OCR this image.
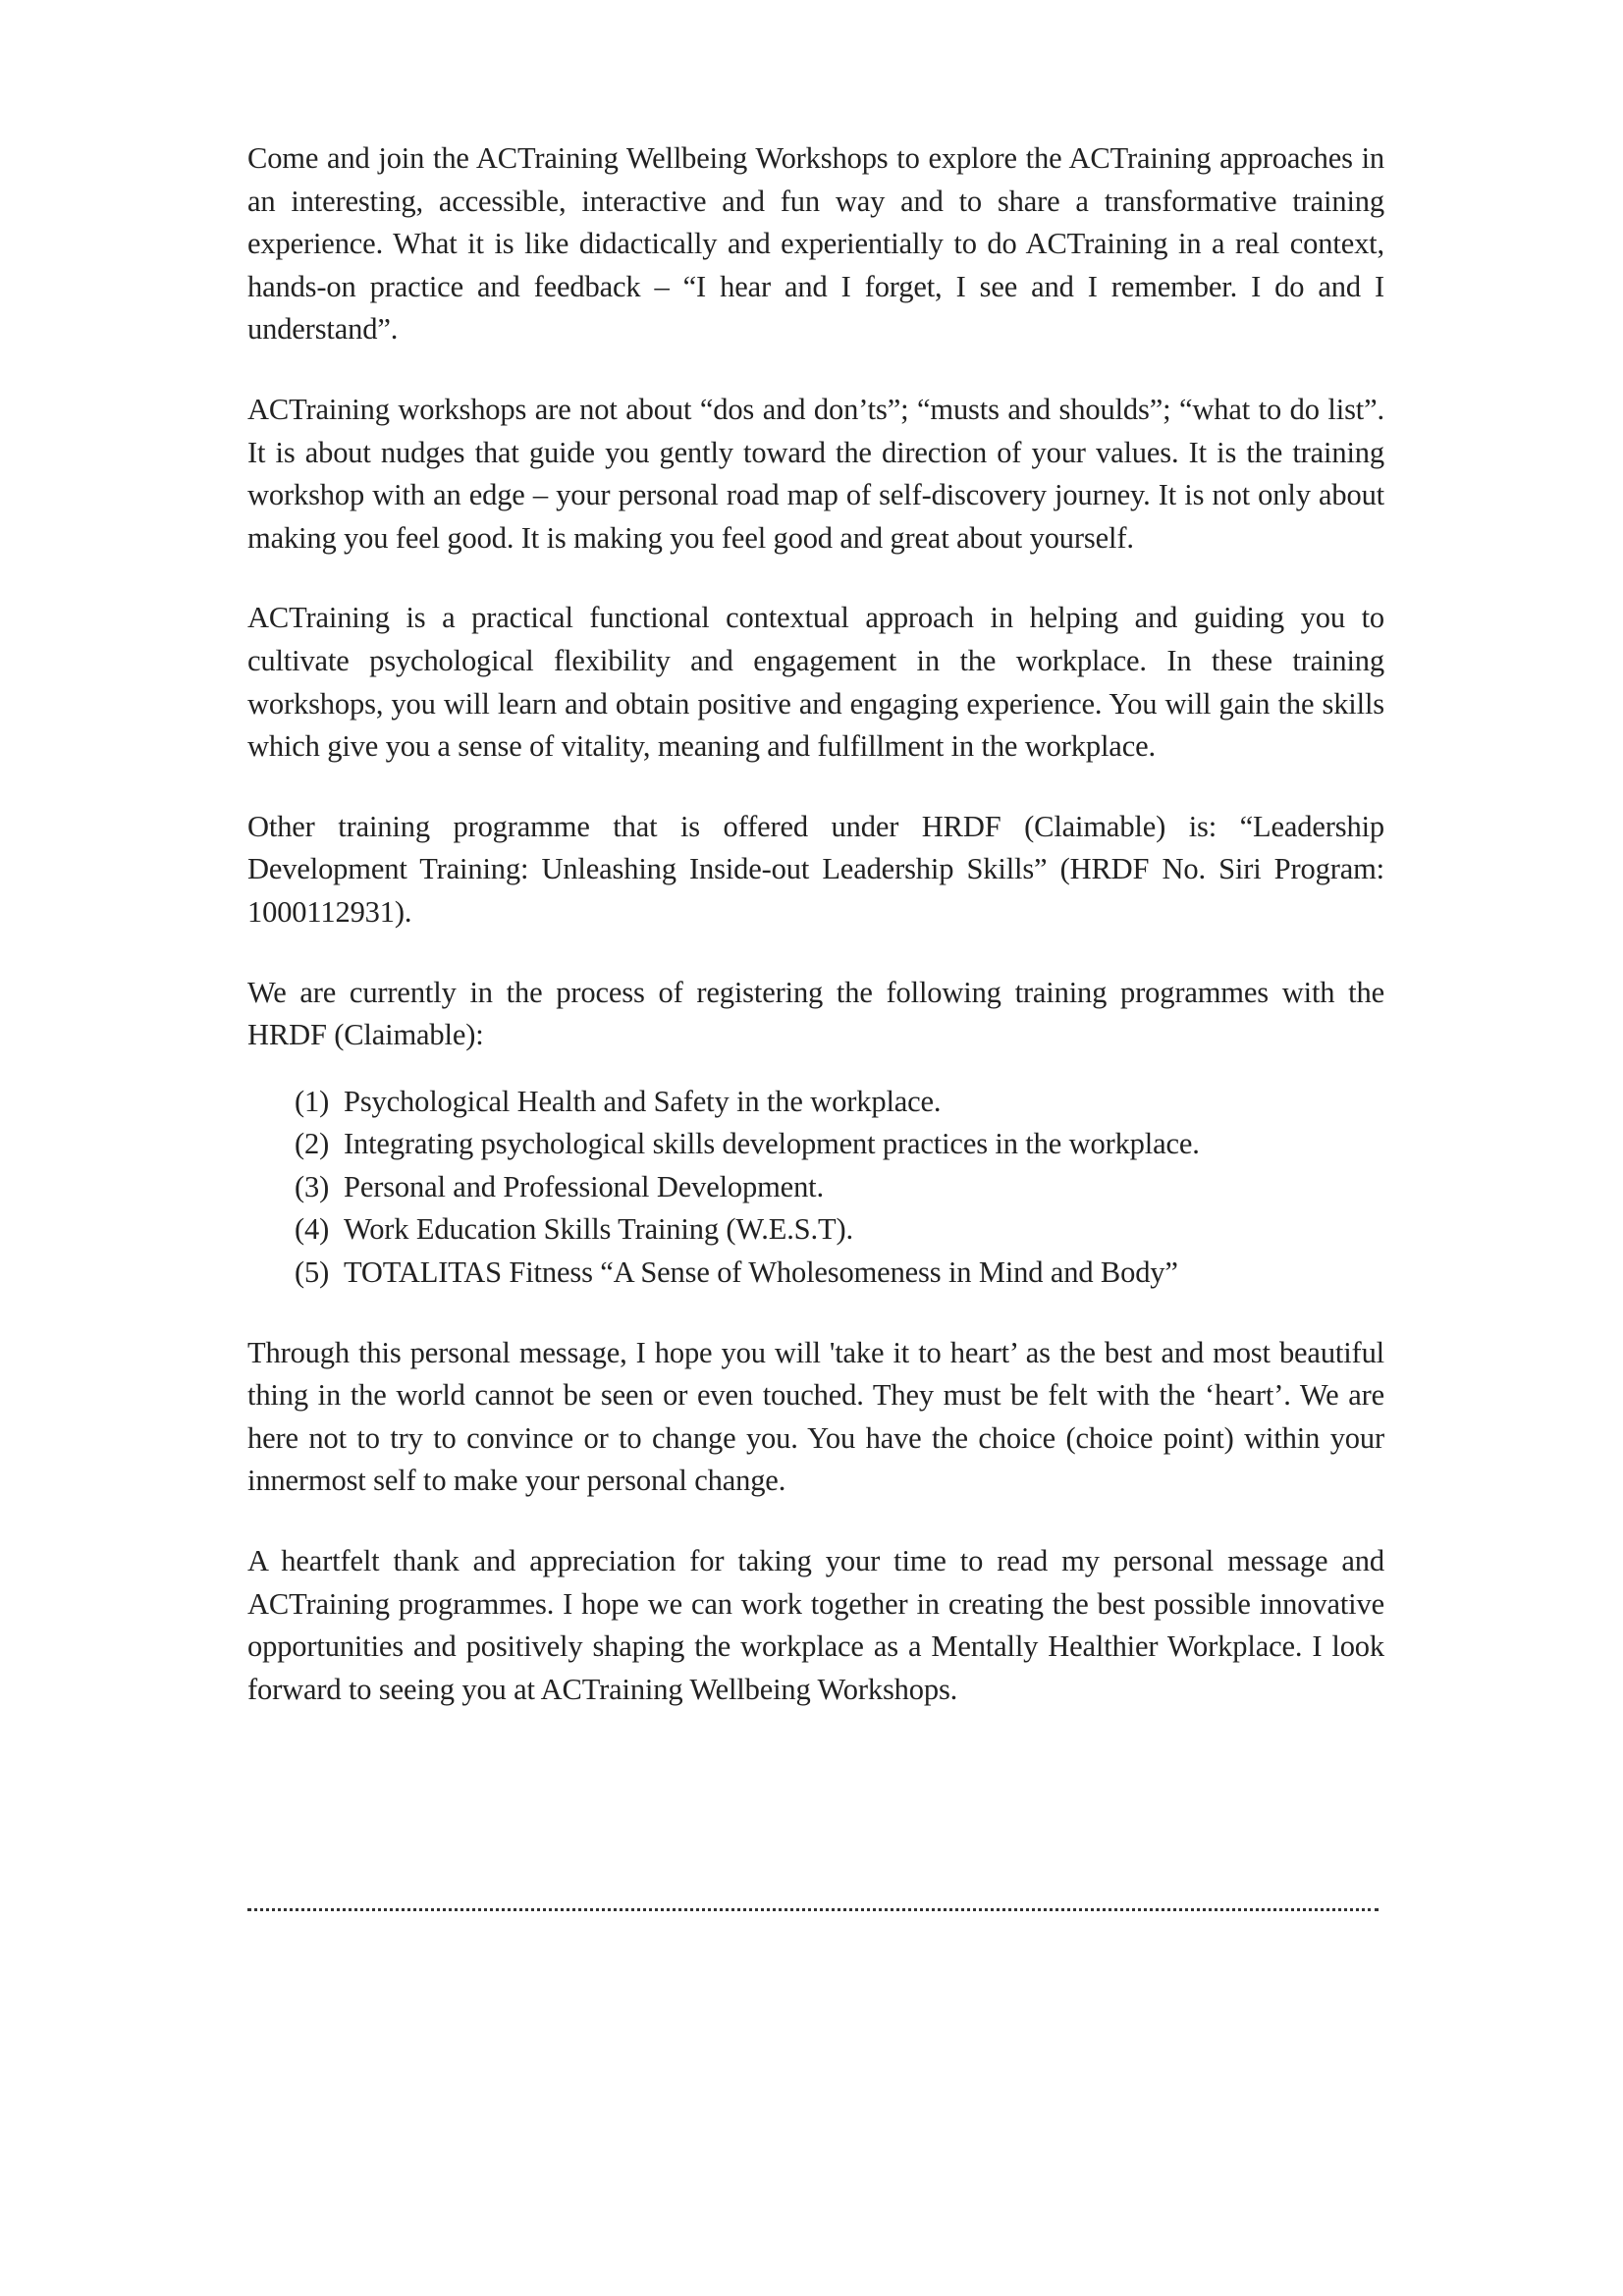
Come and join the ACTraining Wellbeing Workshops to explore the ACTraining approaches in an interesting, accessible, interactive and fun way and to share a transformative training experience. What it is like didactically and experientially to do ACTraining in a real context, hands-on practice and feedback – “I hear and I forget, I see and I remember. I do and I understand”.

ACTraining workshops are not about “dos and don’ts”; “musts and shoulds”; “what to do list”. It is about nudges that guide you gently toward the direction of your values. It is the training workshop with an edge – your personal road map of self-discovery journey. It is not only about making you feel good. It is making you feel good and great about yourself.

ACTraining is a practical functional contextual approach in helping and guiding you to cultivate psychological flexibility and engagement in the workplace. In these training workshops, you will learn and obtain positive and engaging experience. You will gain the skills which give you a sense of vitality, meaning and fulfillment in the workplace.

Other training programme that is offered under HRDF (Claimable) is: “Leadership Development Training: Unleashing Inside-out Leadership Skills” (HRDF No. Siri Program: 1000112931).

We are currently in the process of registering the following training programmes with the HRDF (Claimable):

(1) Psychological Health and Safety in the workplace.
(2) Integrating psychological skills development practices in the workplace.
(3) Personal and Professional Development.
(4) Work Education Skills Training (W.E.S.T).
(5) TOTALITAS Fitness “A Sense of Wholesomeness in Mind and Body”

Through this personal message, I hope you will 'take it to heart’ as the best and most beautiful thing in the world cannot be seen or even touched. They must be felt with the ‘heart’. We are here not to try to convince or to change you. You have the choice (choice point) within your innermost self to make your personal change.

A heartfelt thank and appreciation for taking your time to read my personal message and ACTraining programmes. I hope we can work together in creating the best possible innovative opportunities and positively shaping the workplace as a Mentally Healthier Workplace. I look forward to seeing you at ACTraining Wellbeing Workshops.
